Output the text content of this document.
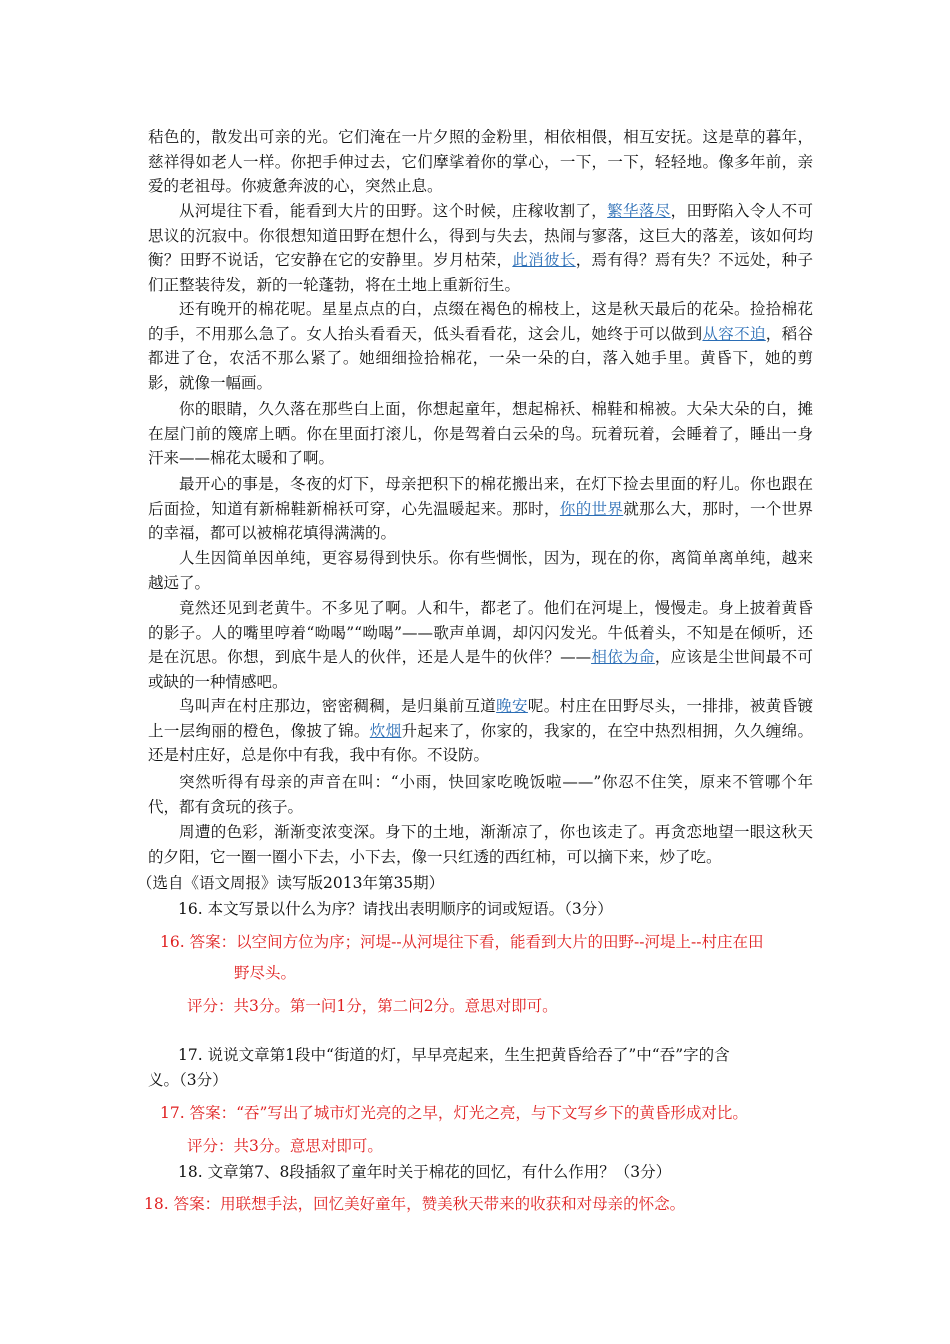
秸色的，散发出可亲的光。它们淹在一片夕照的金粉里，相依相偎，相互安抚。这是草的暮年，慈祥得如老人一样。你把手伸过去，它们摩挲着你的掌心，一下，一下，轻轻地。像多年前，亲爱的老祖母。你疲惫奔波的心，突然止息。

从河堤往下看，能看到大片的田野。这个时候，庄稼收割了，繁华落尽，田野陷入令人不可思议的沉寂中。你很想知道田野在想什么，得到与失去，热闹与寥落，这巨大的落差，该如何均衡？田野不说话，它安静在它的安静里。岁月枯荣，此消彼长，焉有得？焉有失？不远处，种子们正整装待发，新的一轮蓬勃，将在土地上重新衍生。

还有晚开的棉花呢。星星点点的白，点缀在褐色的棉枝上，这是秋天最后的花朵。捡拾棉花的手，不用那么急了。女人抬头看看天，低头看看花，这会儿，她终于可以做到从容不迫，稻谷都进了仓，农活不那么紧了。她细细捡拾棉花，一朵一朵的白，落入她手里。黄昏下，她的剪影，就像一幅画。

你的眼睛，久久落在那些白上面，你想起童年，想起棉袄、棉鞋和棉被。大朵大朵的白，摊在屋门前的篾席上晒。你在里面打滚儿，你是驾着白云朵的鸟。玩着玩着，会睡着了，睡出一身汗来——棉花太暖和了啊。

最开心的事是，冬夜的灯下，母亲把积下的棉花搬出来，在灯下捡去里面的籽儿。你也跟在后面捡，知道有新棉鞋新棉袄可穿，心先温暖起来。那时，你的世界就那么大，那时，一个世界的幸福，都可以被棉花填得满满的。

人生因简单因单纯，更容易得到快乐。你有些惆怅，因为，现在的你，离简单离单纯，越来越远了。

竟然还见到老黄牛。不多见了啊。人和牛，都老了。他们在河堤上，慢慢走。身上披着黄昏的影子。人的嘴里哼着“呦喝”“呦喝”——歌声单调，却闪闪发光。牛低着头，不知是在倾听，还是在沉思。你想，到底牛是人的伙伴，还是人是牛的伙伴？——相依为命，应该是尘世间最不可或缺的一种情感吧。

鸟叫声在村庄那边，密密稠稠，是归巢前互道晚安呢。村庄在田野尽头，一排排，被黄昏镀上一层绚丽的橙色，像披了锦。炊烟升起来了，你家的，我家的，在空中热烈相拥，久久缠绵。还是村庄好，总是你中有我，我中有你。不设防。

突然听得有母亲的声音在叫：“小雨，快回家吃晚饭啦——”你忍不住笑，原来不管哪个年代，都有贪玩的孩子。

周遭的色彩，渐渐变浓变深。身下的土地，渐渐凉了，你也该走了。再贪恋地望一眼这秋天的夕阳，它一圈一圈小下去，小下去，像一只红透的西红柿，可以摘下来，炒了吃。

（选自《语文周报》读写版2013年第35期）

16. 本文写景以什么为序？请找出表明顺序的词或短语。（3分）

16. 答案：以空间方位为序；河堤--从河堤往下看，能看到大片的田野--河堤上--村庄在田

野尽头。

评分：共3分。第一问1分，第二问2分。意思对即可。

17. 说说文章第1段中“街道的灯，早早亮起来，生生把黄昏给吞了”中“吞”字的含

义。（3分）

17. 答案：“吞”写出了城市灯光亮的之早，灯光之亮，与下文写乡下的黄昏形成对比。

评分：共3分。意思对即可。

18. 文章第7、8段插叙了童年时关于棉花的回忆，有什么作用？（3分）

18. 答案：用联想手法，回忆美好童年，赞美秋天带来的收获和对母亲的怀念。
